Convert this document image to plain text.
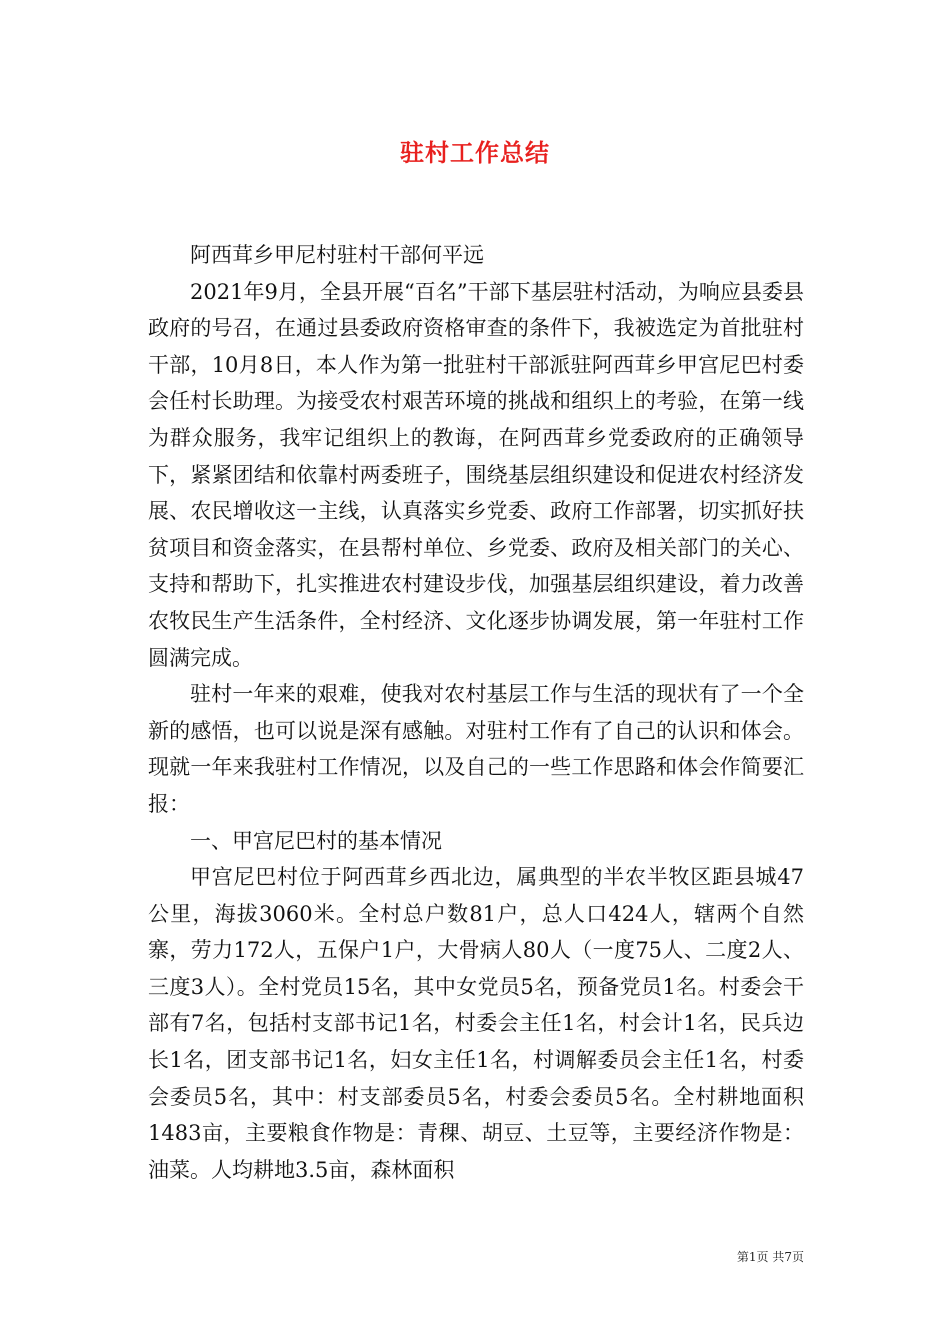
驻村工作总结

阿西茸乡甲尼村驻村干部何平远

2021年9月，全县开展“百名”干部下基层驻村活动，为响应县委县政府的号召，在通过县委政府资格审查的条件下，我被选定为首批驻村干部，10月8日，本人作为第一批驻村干部派驻阿西茸乡甲宫尼巴村委会任村长助理。为接受农村艰苦环境的挑战和组织上的考验，在第一线为群众服务，我牢记组织上的教诲，在阿西茸乡党委政府的正确领导下，紧紧团结和依靠村两委班子，围绕基层组织建设和促进农村经济发展、农民增收这一主线，认真落实乡党委、政府工作部署，切实抓好扶贫项目和资金落实，在县帮村单位、乡党委、政府及相关部门的关心、支持和帮助下，扎实推进农村建设步伐，加强基层组织建设，着力改善农牧民生产生活条件，全村经济、文化逐步协调发展，第一年驻村工作圆满完成。

驻村一年来的艰难，使我对农村基层工作与生活的现状有了一个全新的感悟，也可以说是深有感触。对驻村工作有了自己的认识和体会。现就一年来我驻村工作情况，以及自己的一些工作思路和体会作简要汇报：

一、甲宫尼巴村的基本情况

甲宫尼巴村位于阿西茸乡西北边，属典型的半农半牧区距县城47公里，海拔3060米。全村总户数81户，总人口424人，辖两个自然寨，劳力172人，五保户1户，大骨病人80人（一度75人、二度2人、三度3人）。全村党员15名，其中女党员5名，预备党员1名。村委会干部有7名，包括村支部书记1名，村委会主任1名，村会计1名，民兵边长1名，团支部书记1名，妇女主任1名，村调解委员会主任1名，村委会委员5名，其中：村支部委员5名，村委会委员5名。全村耕地面积1483亩，主要粮食作物是：青稞、胡豆、土豆等，主要经济作物是：油菜。人均耕地3.5亩，森林面积

第1页 共7页
